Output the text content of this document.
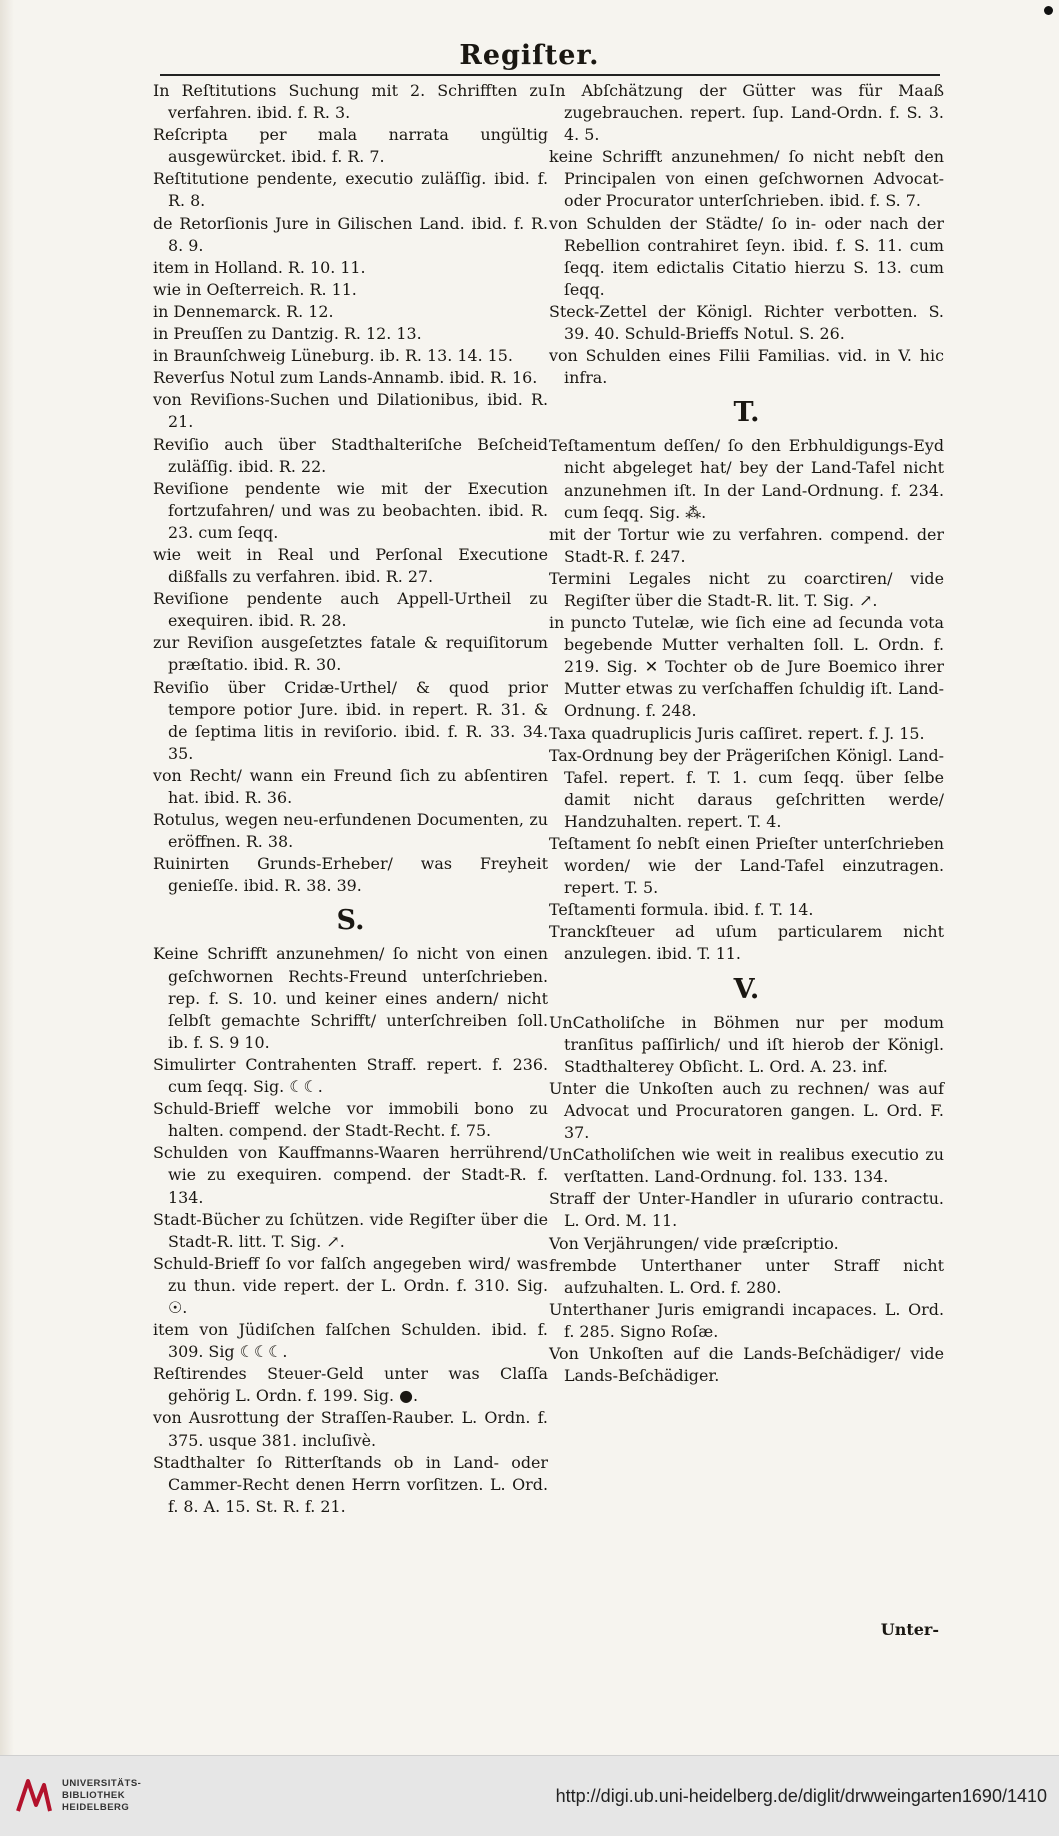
Regiſter.

In Reſtitutions Suchung mit 2. Schrifften zu verfahren. ibid. f. R. 3.

Reſcripta per mala narrata ungültig ausgewürcket. ibid. f. R. 7.

Reſtitutione pendente, executio zuläſſig. ibid. f. R. 8.

de Retorſionis Jure in Gilischen Land. ibid. f. R. 8. 9.

item in Holland. R. 10. 11.

wie in Oeſterreich. R. 11.

in Dennemarck. R. 12.

in Preuſſen zu Dantzig. R. 12. 13.

in Braunſchweig Lüneburg. ib. R. 13. 14. 15.

Reverſus Notul zum Lands-Annamb. ibid. R. 16.

von Reviſions-Suchen und Dilationibus, ibid. R. 21.

Reviſio auch über Stadthalteriſche Beſcheid zuläſſig. ibid. R. 22.

Reviſione pendente wie mit der Execution fortzufahren/ und was zu beobachten. ibid. R. 23. cum ſeqq.

wie weit in Real und Perſonal Executione dißfalls zu verfahren. ibid. R. 27.

Reviſione pendente auch Appell-Urtheil zu exequiren. ibid. R. 28.

zur Reviſion ausgeſetztes fatale & requiſitorum præſtatio. ibid. R. 30.

Reviſio über Cridæ-Urthel/ & quod prior tempore potior Jure. ibid. in repert. R. 31. & de ſeptima litis in reviſorio. ibid. f. R. 33. 34. 35.

von Recht/ wann ein Freund ſich zu abſentiren hat. ibid. R. 36.

Rotulus, wegen neu-erfundenen Documenten, zu eröffnen. R. 38.

Ruinirten Grunds-Erheber/ was Freyheit genieſſe. ibid. R. 38. 39.

S.

Keine Schrifft anzunehmen/ ſo nicht von einen geſchwornen Rechts-Freund unterſchrieben. rep. f. S. 10. und keiner eines andern/ nicht ſelbſt gemachte Schrifft/ unterſchreiben ſoll. ib. f. S. 9 10.

Simulirter Contrahenten Straff. repert. f. 236. cum ſeqq. Sig. ☾☾.

Schuld-Brieff welche vor immobili bono zu halten. compend. der Stadt-Recht. f. 75.

Schulden von Kauffmanns-Waaren herrührend/ wie zu exequiren. compend. der Stadt-R. f. 134.

Stadt-Bücher zu ſchützen. vide Regiſter über die Stadt-R. litt. T. Sig. ↗.

Schuld-Brieff ſo vor falſch angegeben wird/ was zu thun. vide repert. der L. Ordn. f. 310. Sig. ☉.

item von Jüdiſchen falſchen Schulden. ibid. f. 309. Sig ☾☾☾.

Reſtirendes Steuer-Geld unter was Claſſa gehörig L. Ordn. f. 199. Sig. ●.

von Ausrottung der Straſſen-Rauber. L. Ordn. f. 375. usque 381. incluſivè.

Stadthalter ſo Ritterſtands ob in Land- oder Cammer-Recht denen Herrn vorſitzen. L. Ord. f. 8. A. 15. St. R. f. 21.

In Abſchätzung der Gütter was für Maaß zugebrauchen. repert. ſup. Land-Ordn. f. S. 3. 4. 5.

keine Schrifft anzunehmen/ ſo nicht nebſt den Principalen von einen geſchwornen Advocat- oder Procurator unterſchrieben. ibid. f. S. 7.

von Schulden der Städte/ ſo in- oder nach der Rebellion contrahiret ſeyn. ibid. f. S. 11. cum ſeqq. item edictalis Citatio hierzu S. 13. cum ſeqq.

Steck-Zettel der Königl. Richter verbotten. S. 39. 40. Schuld-Brieffs Notul. S. 26.

von Schulden eines Filii Familias. vid. in V. hic infra.

T.

Teſtamentum deſſen/ ſo den Erbhuldigungs-Eyd nicht abgeleget hat/ bey der Land-Tafel nicht anzunehmen iſt. In der Land-Ordnung. f. 234. cum ſeqq. Sig. ⁂.

mit der Tortur wie zu verfahren. compend. der Stadt-R. f. 247.

Termini Legales nicht zu coarctiren/ vide Regiſter über die Stadt-R. lit. T. Sig. ↗.

in puncto Tutelæ, wie ſich eine ad ſecunda vota begebende Mutter verhalten ſoll. L. Ordn. f. 219. Sig. ✕ Tochter ob de Jure Boemico ihrer Mutter etwas zu verſchaffen ſchuldig iſt. Land-Ordnung. f. 248.

Taxa quadruplicis Juris caſſiret. repert. f. J. 15.

Tax-Ordnung bey der Prägeriſchen Königl. Land-Tafel. repert. f. T. 1. cum ſeqq. über ſelbe damit nicht daraus geſchritten werde/ Handzuhalten. repert. T. 4.

Teſtament ſo nebſt einen Prieſter unterſchrieben worden/ wie der Land-Tafel einzutragen. repert. T. 5.

Teſtamenti formula. ibid. f. T. 14.

Tranckſteuer ad uſum particularem nicht anzulegen. ibid. T. 11.

V.

UnCatholiſche in Böhmen nur per modum tranſitus paſſirlich/ und iſt hierob der Königl. Stadthalterey Obſicht. L. Ord. A. 23. inf.

Unter die Unkoſten auch zu rechnen/ was auf Advocat und Procuratoren gangen. L. Ord. F. 37.

UnCatholiſchen wie weit in realibus executio zu verſtatten. Land-Ordnung. fol. 133. 134.

Straff der Unter-Handler in uſurario contractu. L. Ord. M. 11.

Von Verjährungen/ vide præſcriptio.

frembde Unterthaner unter Straff nicht aufzuhalten. L. Ord. f. 280.

Unterthaner Juris emigrandi incapaces. L. Ord. f. 285. Signo Roſæ.

Von Unkoſten auf die Lands-Beſchädiger/ vide Lands-Beſchädiger.

Unter-
UNIVERSITÄTS-
BIBLIOTHEK
HEIDELBERG
http://digi.ub.uni-heidelberg.de/diglit/drwweingarten1690/1410
